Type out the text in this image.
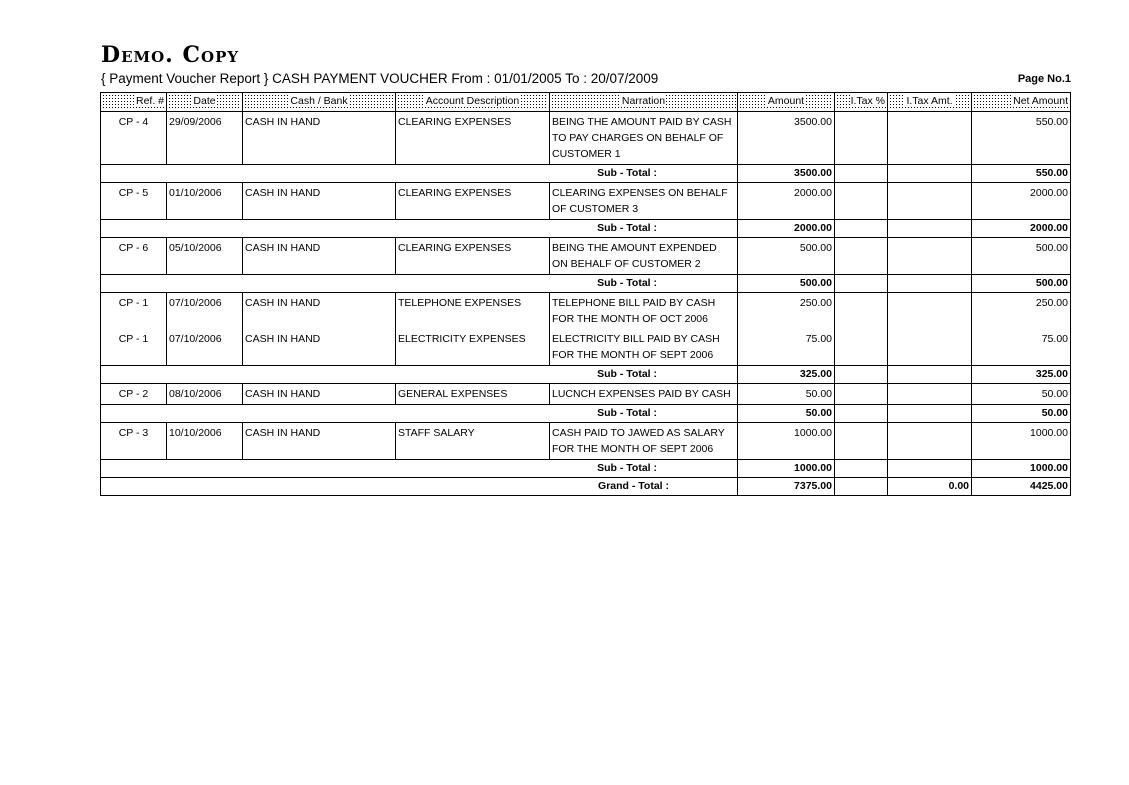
Demo. Copy
{ Payment Voucher Report } CASH PAYMENT VOUCHER From : 01/01/2005 To : 20/07/2009	Page No.1
Ref. #	Date	Cash / Bank	Account Description	Narration	Amount	I.Tax %	I.Tax Amt.	Net Amount

CP - 4	29/09/2006	CASH IN HAND	CLEARING EXPENSES	BEING THE AMOUNT PAID BY CASH TO PAY CHARGES ON BEHALF OF CUSTOMER 1	3500.00			550.00
Sub - Total :					3500.00			550.00
CP - 5	01/10/2006	CASH IN HAND	CLEARING EXPENSES	CLEARING EXPENSES ON BEHALF OF CUSTOMER 3	2000.00			2000.00
Sub - Total :					2000.00			2000.00
CP - 6	05/10/2006	CASH IN HAND	CLEARING EXPENSES	BEING THE AMOUNT EXPENDED ON BEHALF OF CUSTOMER 2	500.00			500.00
Sub - Total :					500.00			500.00
CP - 1	07/10/2006	CASH IN HAND	TELEPHONE EXPENSES	TELEPHONE BILL PAID BY CASH FOR THE MONTH OF OCT 2006	250.00			250.00
CP - 1	07/10/2006	CASH IN HAND	ELECTRICITY EXPENSES	ELECTRICITY BILL PAID BY CASH FOR THE MONTH OF SEPT 2006	75.00			75.00
Sub - Total :					325.00			325.00
CP - 2	08/10/2006	CASH IN HAND	GENERAL EXPENSES	LUCNCH EXPENSES PAID BY CASH	50.00			50.00
Sub - Total :					50.00			50.00
CP - 3	10/10/2006	CASH IN HAND	STAFF SALARY	CASH PAID TO JAWED AS SALARY FOR THE MONTH OF SEPT 2006	1000.00			1000.00
Sub - Total :					1000.00			1000.00
Grand - Total :					7375.00		0.00	4425.00
